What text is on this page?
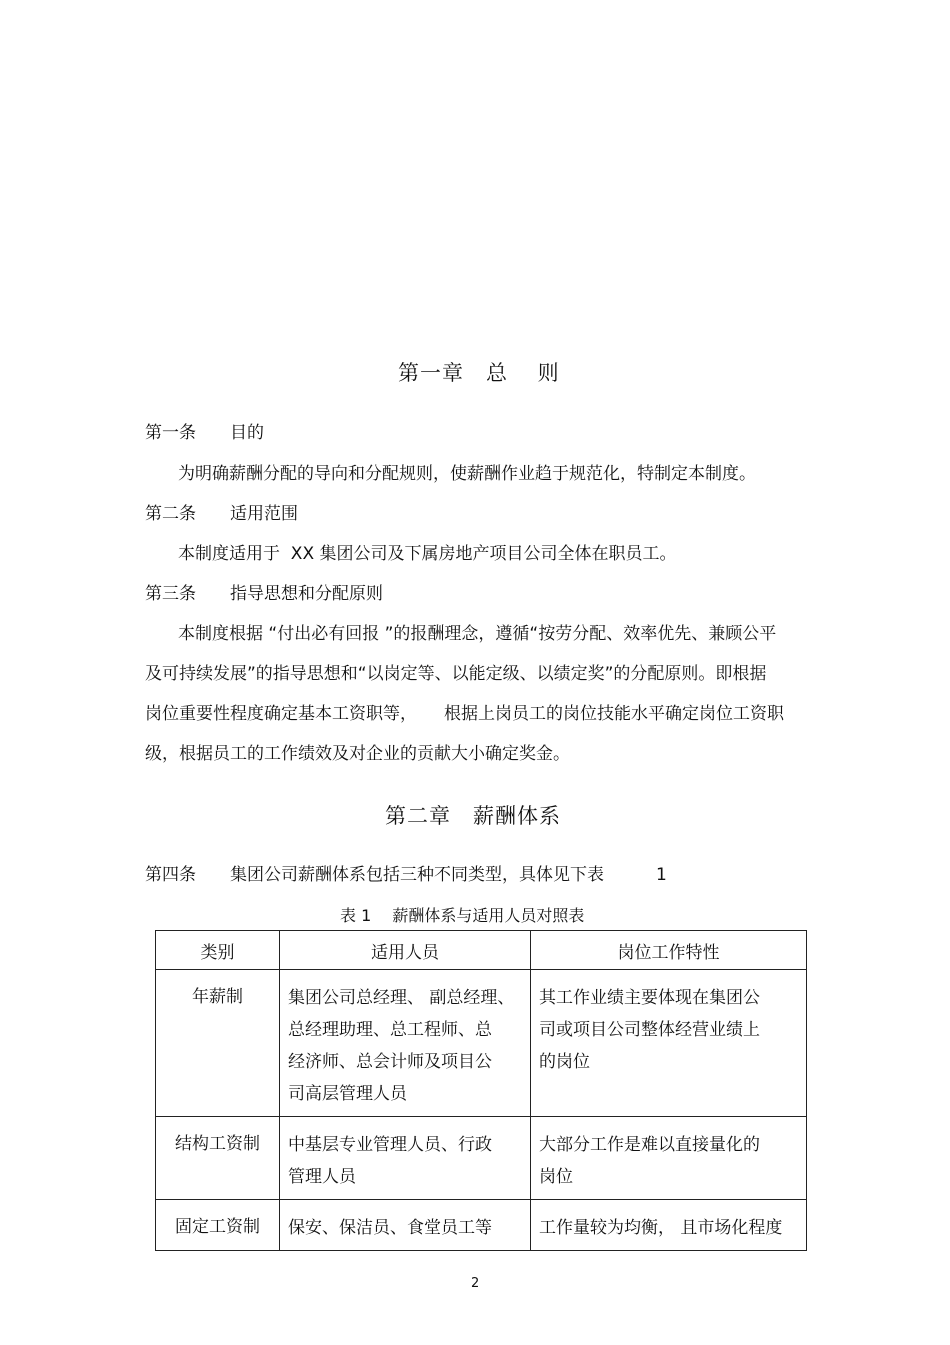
第一章　总　 则
第一条 目的
为明确薪酬分配的导向和分配规则，使薪酬作业趋于规范化，特制定本制度。
第二条 适用范围
本制度适用于  XX 集团公司及下属房地产项目公司全体在职员工。
第三条 指导思想和分配原则
本制度根据 “付出必有回报 ”的报酬理念，遵循“按劳分配、效率优先、兼顾公平
及可持续发展”的指导思想和“以岗定等、以能定级、以绩定奖”的分配原则。即根据
岗位重要性程度确定基本工资职等，     根据上岗员工的岗位技能水平确定岗位工资职
级，根据员工的工作绩效及对企业的贡献大小确定奖金。
第二章　薪酬体系
第四条 集团公司薪酬体系包括三种不同类型，具体见下表	1
表 1　 薪酬体系与适用人员对照表
类别	适用人员	岗位工作特性
年薪制	集团公司总经理、 副总经理、
总经理助理、总工程师、总
经济师、总会计师及项目公
司高层管理人员	其工作业绩主要体现在集团公
司或项目公司整体经营业绩上
的岗位
结构工资制	中基层专业管理人员、行政
管理人员	大部分工作是难以直接量化的
岗位
固定工资制	保安、保洁员、食堂员工等	工作量较为均衡， 且市场化程度
2
